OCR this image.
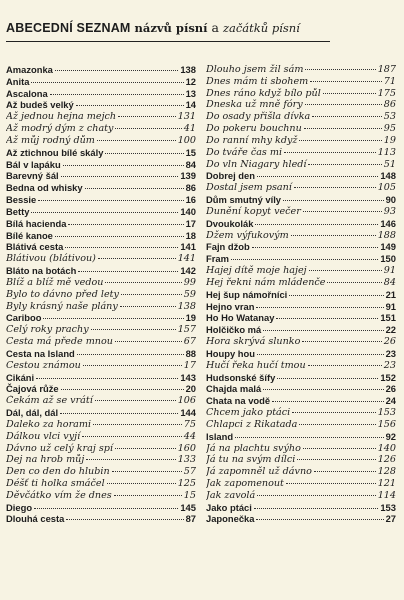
ABECEDNÍ SEZNAM názvů písní a začátků písní
Amazonka	138
Anita	12
Ascalona	13
Až budeš velký	14
Až jednou hejna mejch	131
Až modrý dým z chaty	41
Až můj rodný dům	100
Až ztichnou bílé skály	15
Bál v lapáku	84
Barevný šál	139
Bedna od whisky	86
Bessie	16
Betty	140
Bílá hacienda	17
Bílé kanoe	18
Blátivá cesta	141
Blátivou (blátivou)	141
Bláto na botách	142
Blíž a blíž mě vedou	99
Bylo to dávno před lety	59
Byly krásný naše plány	138
Cariboo	19
Celý roky prachy	157
Cesta má přede mnou	67
Cesta na Island	88
Cestou známou	17
Cikáni	143
Čajová růže	20
Čekám až se vrátí	106
Dál, dál, dál	144
Daleko za horami	75
Dálkou vlci vyjí	44
Dávno už celý kraj spí	160
Dej na hrob můj	133
Den co den do hlubin	57
Déšť ti holka smáčel	125
Děvčátko vím že dnes	15
Diego	145
Dlouhá cesta	87
Dlouho jsem žil sám	187
Dnes mám ti sbohem	71
Dnes ráno když bílo půl	175
Dneska už mně fóry	86
Do osady přišla dívka	53
Do pokeru bouchnu	95
Do ranní mhy když	19
Do tváře čas mi	113
Do vln Niagary hledí	51
Dobrej den	148
Dostal jsem psaní	105
Dům smutný víly	90
Dunění kopyt večer	93
Dvoukolák	146
Džem výfukovým	188
Fajn džob	149
Fram	150
Hajej dítě moje hajej	91
Hej řekni nám mládenče	84
Hej šup námořníci	21
Hejno vran	91
Ho Ho Watanay	151
Holčičko má	22
Hora skrývá slunko	26
Houpy hou	23
Hučí řeka hučí tmou	23
Hudsonské šífy	152
Chajda malá	26
Chata na vodě	24
Chcem jako ptáci	153
Chlapci z Rikatada	156
Island	92
Já na plachtu svýho	140
Já tu na svým dílci	126
Já zapomněl už dávno	128
Jak zapomenout	121
Jak zavolá	114
Jako ptáci	153
Japonečka	27
